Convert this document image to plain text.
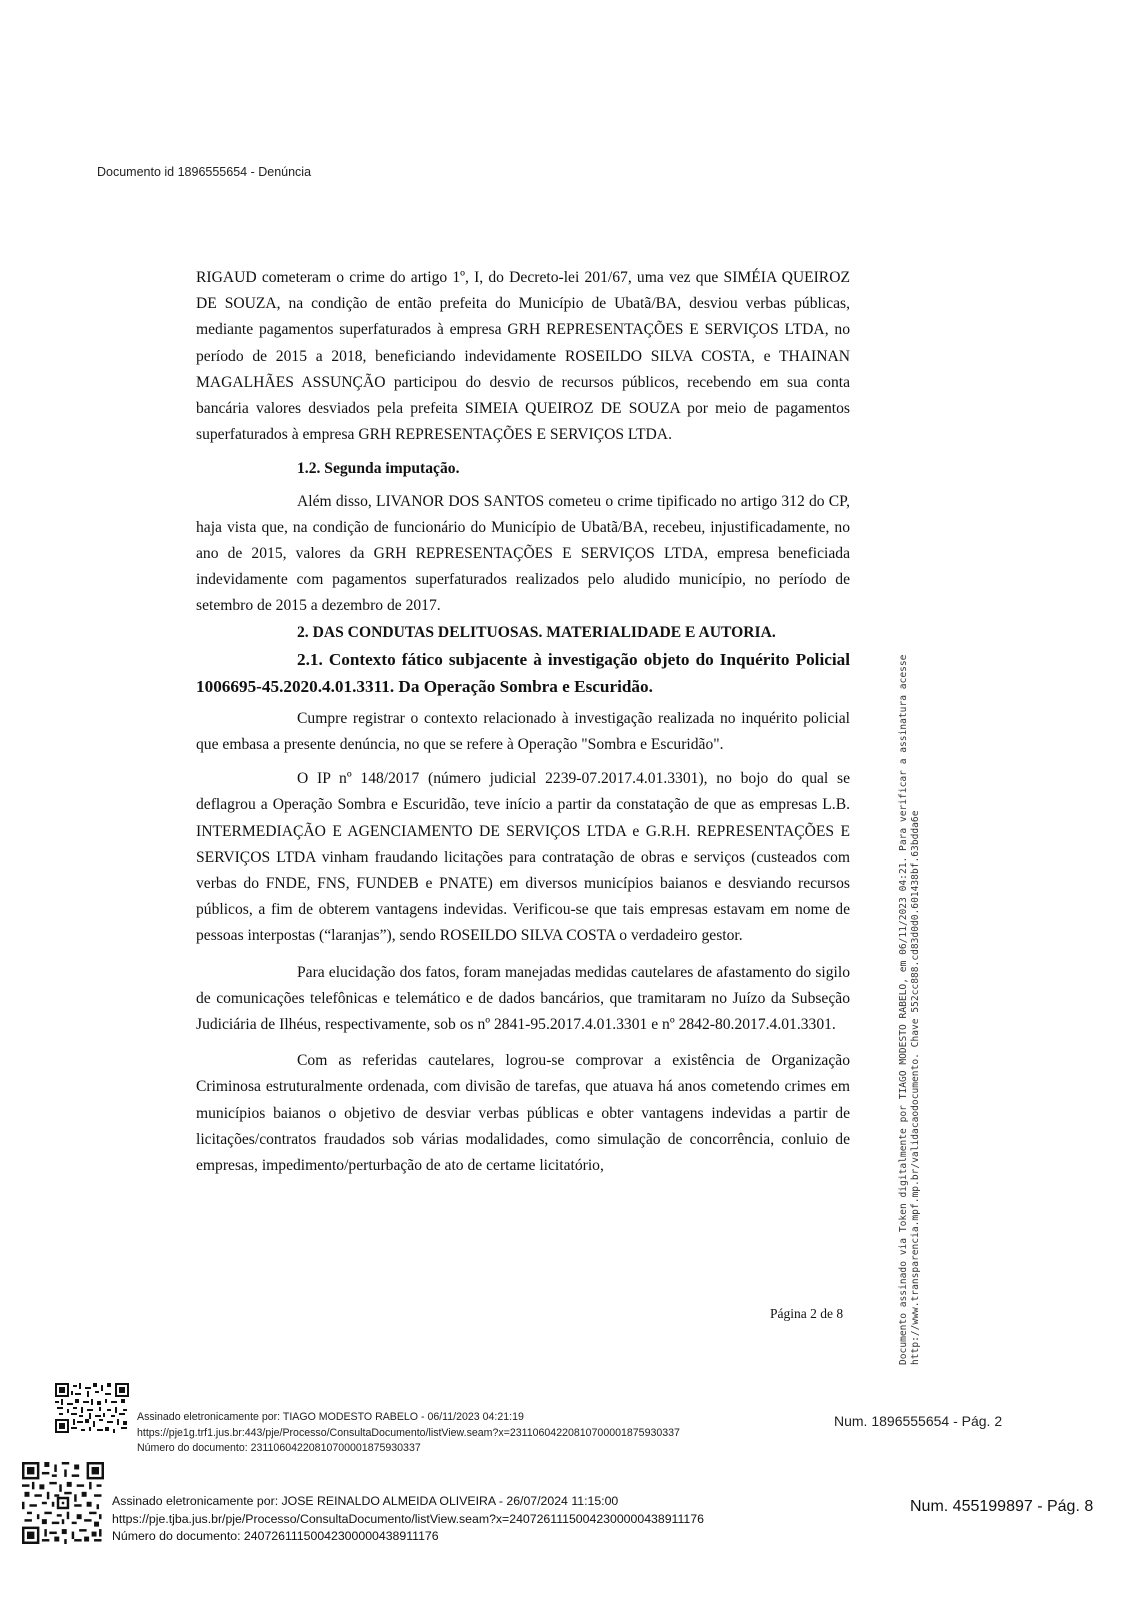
Documento id 1896555654 - Denúncia

RIGAUD cometeram o crime do artigo 1º, I, do Decreto-lei 201/67, uma vez que SIMÉIA QUEIROZ DE SOUZA, na condição de então prefeita do Município de Ubatã/BA, desviou verbas públicas, mediante pagamentos superfaturados à empresa GRH REPRESENTAÇÕES E SERVIÇOS LTDA, no período de 2015 a 2018, beneficiando indevidamente ROSEILDO SILVA COSTA, e THAINAN MAGALHÃES ASSUNÇÃO participou do desvio de recursos públicos, recebendo em sua conta bancária valores desviados pela prefeita SIMEIA QUEIROZ DE SOUZA por meio de pagamentos superfaturados à empresa GRH REPRESENTAÇÕES E SERVIÇOS LTDA.

1.2. Segunda imputação.

Além disso, LIVANOR DOS SANTOS cometeu o crime tipificado no artigo 312 do CP, haja vista que, na condição de funcionário do Município de Ubatã/BA, recebeu, injustificadamente, no ano de 2015, valores da GRH REPRESENTAÇÕES E SERVIÇOS LTDA, empresa beneficiada indevidamente com pagamentos superfaturados realizados pelo aludido município, no período de setembro de 2015 a dezembro de 2017.

2. DAS CONDUTAS DELITUOSAS. MATERIALIDADE E AUTORIA.

2.1. Contexto fático subjacente à investigação objeto do Inquérito Policial 1006695-45.2020.4.01.3311. Da Operação Sombra e Escuridão.

Cumpre registrar o contexto relacionado à investigação realizada no inquérito policial que embasa a presente denúncia, no que se refere à Operação "Sombra e Escuridão".

O IP nº 148/2017 (número judicial 2239-07.2017.4.01.3301), no bojo do qual se deflagrou a Operação Sombra e Escuridão, teve início a partir da constatação de que as empresas L.B. INTERMEDIAÇÃO E AGENCIAMENTO DE SERVIÇOS LTDA e G.R.H. REPRESENTAÇÕES E SERVIÇOS LTDA vinham fraudando licitações para contratação de obras e serviços (custeados com verbas do FNDE, FNS, FUNDEB e PNATE) em diversos municípios baianos e desviando recursos públicos, a fim de obterem vantagens indevidas. Verificou-se que tais empresas estavam em nome de pessoas interpostas (“laranjas”), sendo ROSEILDO SILVA COSTA o verdadeiro gestor.

Para elucidação dos fatos, foram manejadas medidas cautelares de afastamento do sigilo de comunicações telefônicas e telemático e de dados bancários, que tramitaram no Juízo da Subseção Judiciária de Ilhéus, respectivamente, sob os nº 2841-95.2017.4.01.3301 e nº 2842-80.2017.4.01.3301.

Com as referidas cautelares, logrou-se comprovar a existência de Organização Criminosa estruturalmente ordenada, com divisão de tarefas, que atuava há anos cometendo crimes em municípios baianos o objetivo de desviar verbas públicas e obter vantagens indevidas a partir de licitações/contratos fraudados sob várias modalidades, como simulação de concorrência, conluio de empresas, impedimento/perturbação de ato de certame licitatório,

Página 2 de 8	Documento assinado via Token digitalmente por TIAGO MODESTO RABELO, em 06/11/2023 04:21. Para verificar a assinatura acesse http://www.transparencia.mpf.mp.br/validacaodocumento. Chave 552cc888.cd83d0d0.601438bf.63bdda6e
Assinado eletronicamente por: TIAGO MODESTO RABELO - 06/11/2023 04:21:19
https://pje1g.trf1.jus.br:443/pje/Processo/ConsultaDocumento/listView.seam?x=23110604220810700001875930337
Número do documento: 23110604220810700001875930337
Num. 1896555654 - Pág. 2
Assinado eletronicamente por: JOSE REINALDO ALMEIDA OLIVEIRA - 26/07/2024 11:15:00
https://pje.tjba.jus.br/pje/Processo/ConsultaDocumento/listView.seam?x=24072611150042300000438911176
Número do documento: 24072611150042300000438911176
Num. 455199897 - Pág. 8
